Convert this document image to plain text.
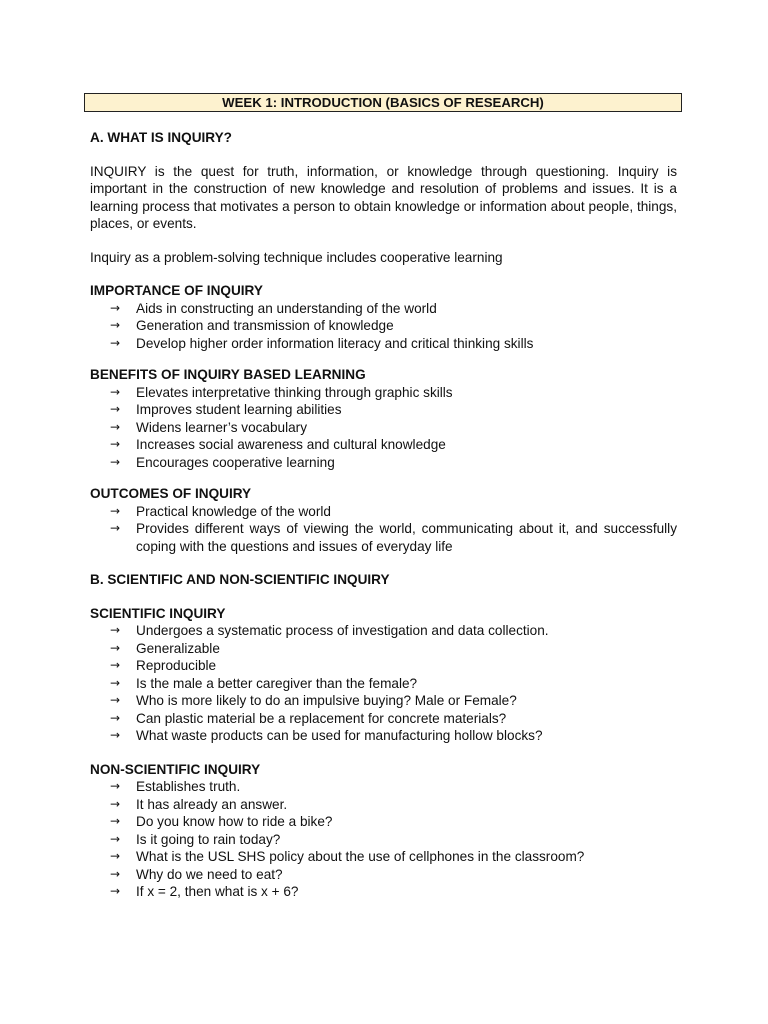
WEEK 1: INTRODUCTION (BASICS OF RESEARCH)

A. WHAT IS INQUIRY?

INQUIRY is the quest for truth, information, or knowledge through questioning. Inquiry is important in the construction of new knowledge and resolution of problems and issues. It is a learning process that motivates a person to obtain knowledge or information about people, things, places, or events.

Inquiry as a problem-solving technique includes cooperative learning

IMPORTANCE OF INQUIRY

→ Aids in constructing an understanding of the world
→ Generation and transmission of knowledge
→ Develop higher order information literacy and critical thinking skills

BENEFITS OF INQUIRY BASED LEARNING

→ Elevates interpretative thinking through graphic skills
→ Improves student learning abilities
→ Widens learner’s vocabulary
→ Increases social awareness and cultural knowledge
→ Encourages cooperative learning

OUTCOMES OF INQUIRY

→ Practical knowledge of the world
→ Provides different ways of viewing the world, communicating about it, and successfully coping with the questions and issues of everyday life

B. SCIENTIFIC AND NON-SCIENTIFIC INQUIRY

SCIENTIFIC INQUIRY

→ Undergoes a systematic process of investigation and data collection.
→ Generalizable
→ Reproducible
→ Is the male a better caregiver than the female?
→ Who is more likely to do an impulsive buying? Male or Female?
→ Can plastic material be a replacement for concrete materials?
→ What waste products can be used for manufacturing hollow blocks?

NON-SCIENTIFIC INQUIRY

→ Establishes truth.
→ It has already an answer.
→ Do you know how to ride a bike?
→ Is it going to rain today?
→ What is the USL SHS policy about the use of cellphones in the classroom?
→ Why do we need to eat?
→ If x = 2, then what is x + 6?
